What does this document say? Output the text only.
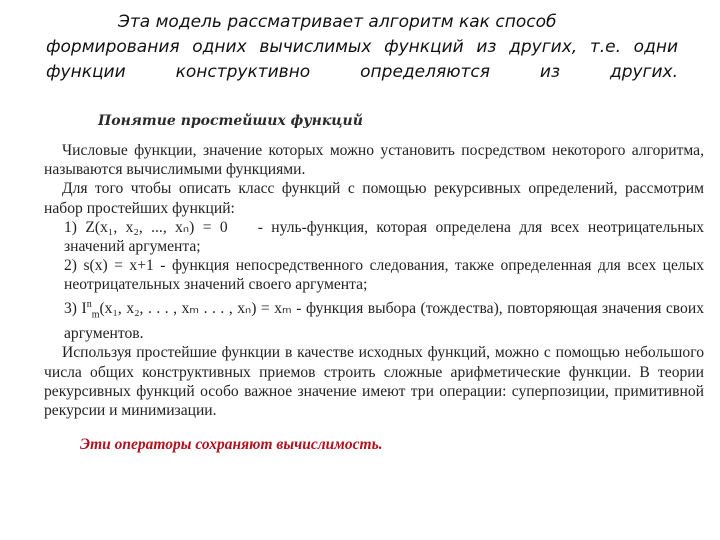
Эта модель рассматривает алгоритм как способ
формирования одних вычислимых функций из других, т.е. одни
функции конструктивно определяются из других.
Понятие простейших функций

Числовые функции, значение которых можно установить посредством некоторого алгоритма, называются вычислимыми функциями.

Для того чтобы описать класс функций с помощью рекурсивных определений, рассмотрим набор простейших функций:

1) Z(x₁, x₂, ..., xₙ) = 0 - нуль-функция, которая определена для всех неотрицательных значений аргумента;

2) s(x) = x+1 - функция непосредственного следования, также определенная для всех целых неотрицательных значений своего аргумента;

3) $I^n_m(x_1$, x₂, . . . , xₘ . . . , xₙ) = xₘ - функция выбора (тождества), повторяющая значения своих аргументов.

Используя простейшие функции в качестве исходных функций, можно с помощью небольшого числа общих конструктивных приемов строить сложные арифметические функции. В теории рекурсивных функций особо важное значение имеют три операции: суперпозиции, примитивной рекурсии и минимизации.

Эти операторы сохраняют вычислимость.
